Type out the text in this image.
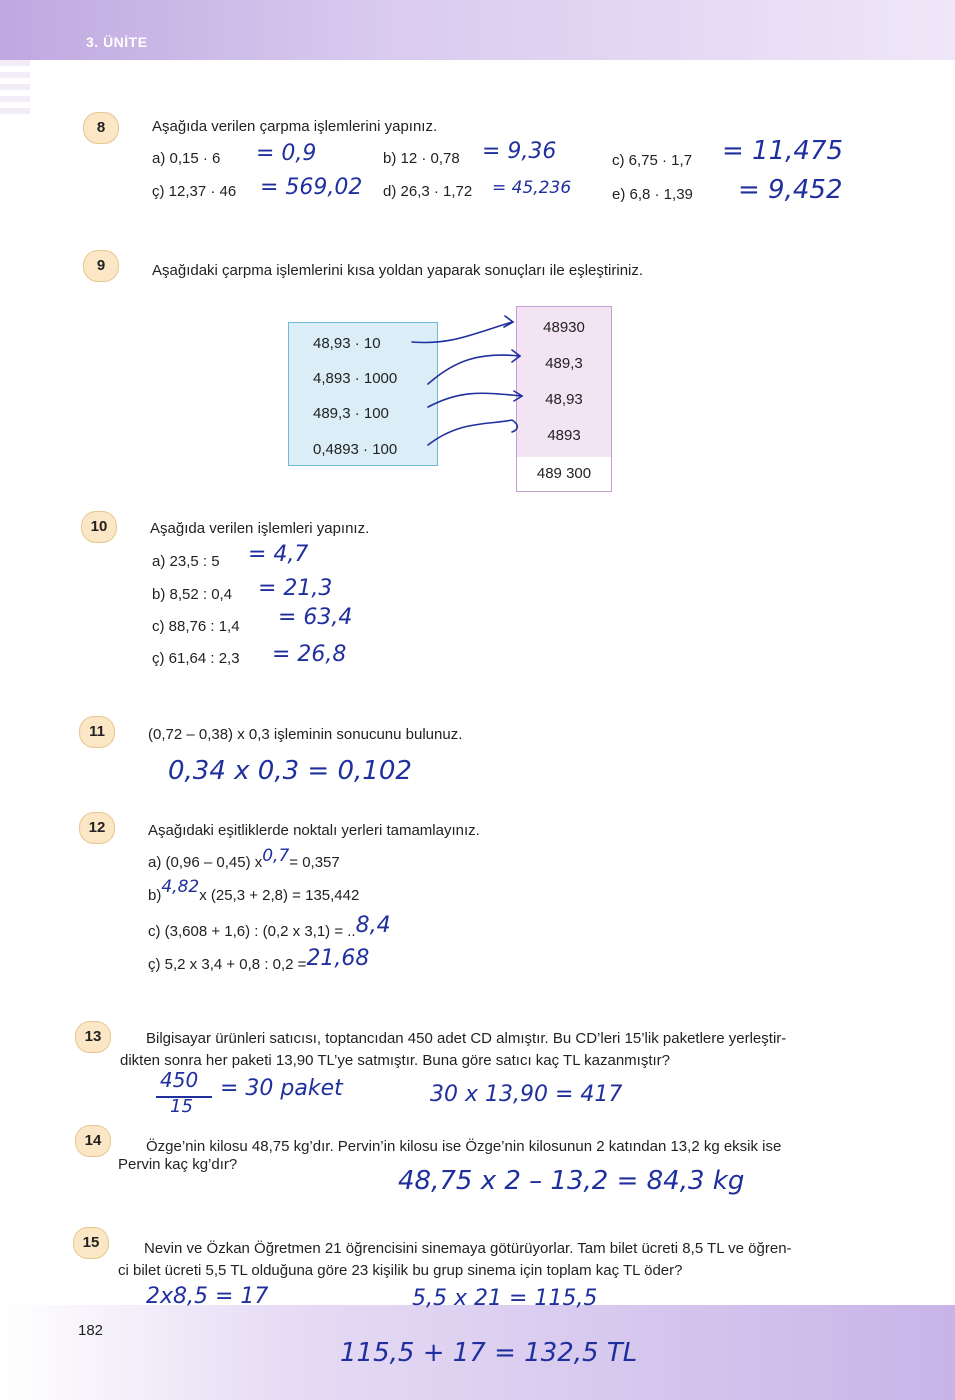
3. ÜNİTE
8	Aşağıda verilen çarpma işlemlerini yapınız.
a) 0,15 · 6 = 0,9	b) 12 · 0,78 = 9,36	c) 6,75 · 1,7 = 11,475
ç) 12,37 · 46 = 569,02 d) 26,3 · 1,72 = 45,236	e) 6,8 · 1,39 = 9,452
9	Aşağıdaki çarpma işlemlerini kısa yoldan yaparak sonuçları ile eşleştiriniz.
48,93 · 10
4,893 · 1000
489,3 · 100
0,4893 · 100
48930
489,3
48,93
4893
489 300
10	Aşağıda verilen işlemleri yapınız.
a) 23,5 : 5 = 4,7
b) 8,52 : 0,4 = 21,3
c) 88,76 : 1,4 = 63,4
ç) 61,64 : 2,3 = 26,8
11	(0,72 – 0,38) x 0,3 işleminin sonucunu bulunuz.
0,34 x 0,3 = 0,102
12	Aşağıdaki eşitliklerde noktalı yerleri tamamlayınız.
a) (0,96 – 0,45) x0,7= 0,357
b)4,82x (25,3 + 2,8) = 135,442
c) (3,608 + 1,6) : (0,2 x 3,1) = ..8,4
ç) 5,2 x 3,4 + 0,8 : 0,2 =21,68
13	Bilgisayar ürünleri satıcısı, toptancıdan 450 adet CD almıştır. Bu CD’leri 15’lik paketlere yerleştir-
dikten sonra her paketi 13,90 TL’ye satmıştır. Buna göre satıcı kaç TL kazanmıştır?
450
15
= 30 paket	30 x 13,90 = 417
14	Özge’nin kilosu 48,75 kg’dır. Pervin’in kilosu ise Özge’nin kilosunun 2 katından 13,2 kg eksik ise
Pervin kaç kg’dır?
48,75 x 2 – 13,2 = 84,3 kg
15	Nevin ve Özkan Öğretmen 21 öğrencisini sinemaya götürüyorlar. Tam bilet ücreti 8,5 TL ve öğren-
ci bilet ücreti 5,5 TL olduğuna göre 23 kişilik bu grup sinema için toplam kaç TL öder?
2x8,5 = 17	5,5 x 21 = 115,5
115,5 + 17 = 132,5 TL
182
